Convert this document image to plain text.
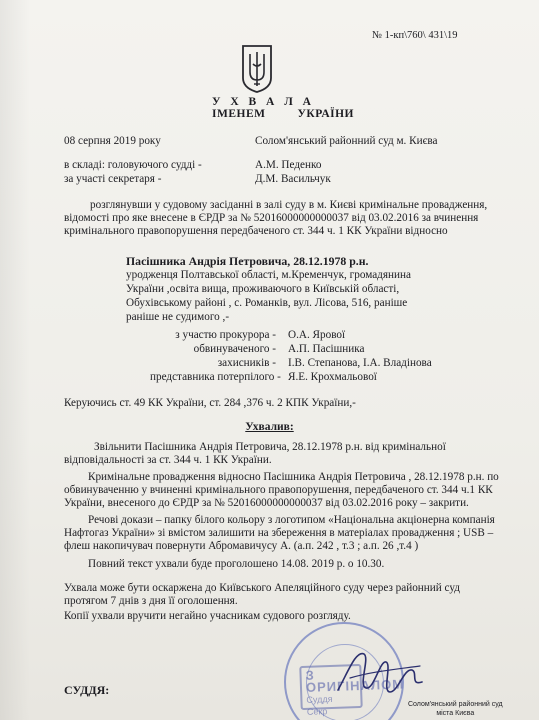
№ 1-кп\760\ 431\19
У Х В А Л А
ІМЕНЕМ	УКРАЇНИ
08 серпня 2019 року	Солом'янський районний суд м. Києва
в складі: головуючого судді -	А.М. Педенко
за участі секретаря -	Д.М. Васильчук
розглянувши у судовому засіданні в залі суду в м. Києві кримінальне провадження,
відомості про яке внесене в ЄРДР за № 52016000000000037 від 03.02.2016 за вчинення
кримінального правопорушення передбаченого ст. 344 ч. 1 КК України відносно
Пасішника Андрія Петровича, 28.12.1978 р.н.
уродженця Полтавської області, м.Кременчук, громадянина
України ,освіта вища, проживаючого в Київській області,
Обухівському районі , с. Романків, вул. Лісова, 516, раніше
раніше не судимого ,-
з участю прокурора - О.А. Ярової
обвинуваченого - А.П. Пасішника
захисників - І.В. Степанова, І.А. Владінова
представника потерпілого - Я.Е. Крохмальової
Керуючись ст. 49 КК України, ст. 284 ,376 ч. 2 КПК України,-
Ухвалив:
Звільнити Пасішника Андрія Петровича, 28.12.1978 р.н. від кримінальної
відповідальності за ст. 344 ч. 1 КК України.
Кримінальне провадження відносно Пасішника Андрія Петровича , 28.12.1978 р.н. по
обвинуваченню у вчиненні кримінального правопорушення, передбаченого ст. 344 ч.1 КК
України, внесеного до ЄРДР за № 52016000000000037 від 03.02.2016 року – закрити.
Речові докази – папку білого кольору з логотипом «Національна акціонерна компанія
Нафтогаз України» зі вмістом залишити на збереження в матеріалах провадження ; USB –
флеш накопичувач повернути Абромавичусу А. (а.п. 242 , т.3 ; а.п. 26 ,т.4 )
Повний текст ухвали буде проголошено 14.08. 2019 р. о 10.30.
Ухвала може бути оскаржена до Київського Апеляційного суду через районний суд
протягом 7 днів з дня її оголошення.
Копії ухвали вручити негайно учасникам судового розгляду.
СУДДЯ:
З ОРИГІНАЛОМ
Суддя
Секр
Солом'янський районний суд
міста Києва
